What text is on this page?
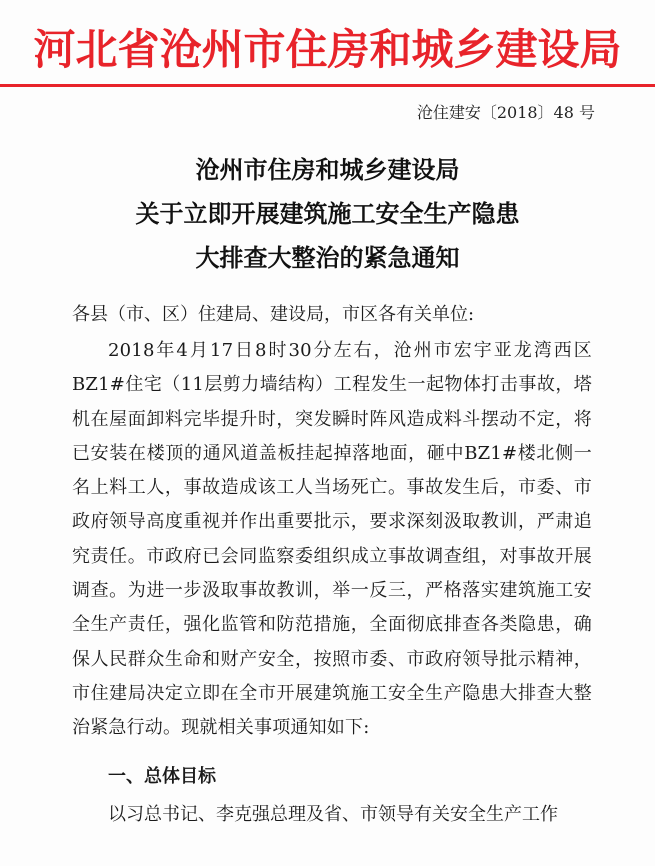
河北省沧州市住房和城乡建设局
沧住建安〔2018〕48 号
沧州市住房和城乡建设局
关于立即开展建筑施工安全生产隐患
大排查大整治的紧急通知
各县（市、区）住建局、建设局，市区各有关单位:
2018年4月17日8时30分左右，沧州市宏宇亚龙湾西区BZ1#住宅（11层剪力墙结构）工程发生一起物体打击事故，塔机在屋面卸料完毕提升时，突发瞬时阵风造成料斗摆动不定，将已安装在楼顶的通风道盖板挂起掉落地面，砸中BZ1#楼北侧一名上料工人，事故造成该工人当场死亡。事故发生后，市委、市政府领导高度重视并作出重要批示，要求深刻汲取教训，严肃追究责任。市政府已会同监察委组织成立事故调查组，对事故开展调查。为进一步汲取事故教训，举一反三，严格落实建筑施工安全生产责任，强化监管和防范措施，全面彻底排查各类隐患，确保人民群众生命和财产安全，按照市委、市政府领导批示精神，市住建局决定立即在全市开展建筑施工安全生产隐患大排查大整治紧急行动。现就相关事项通知如下:
一、总体目标
以习总书记、李克强总理及省、市领导有关安全生产工作
